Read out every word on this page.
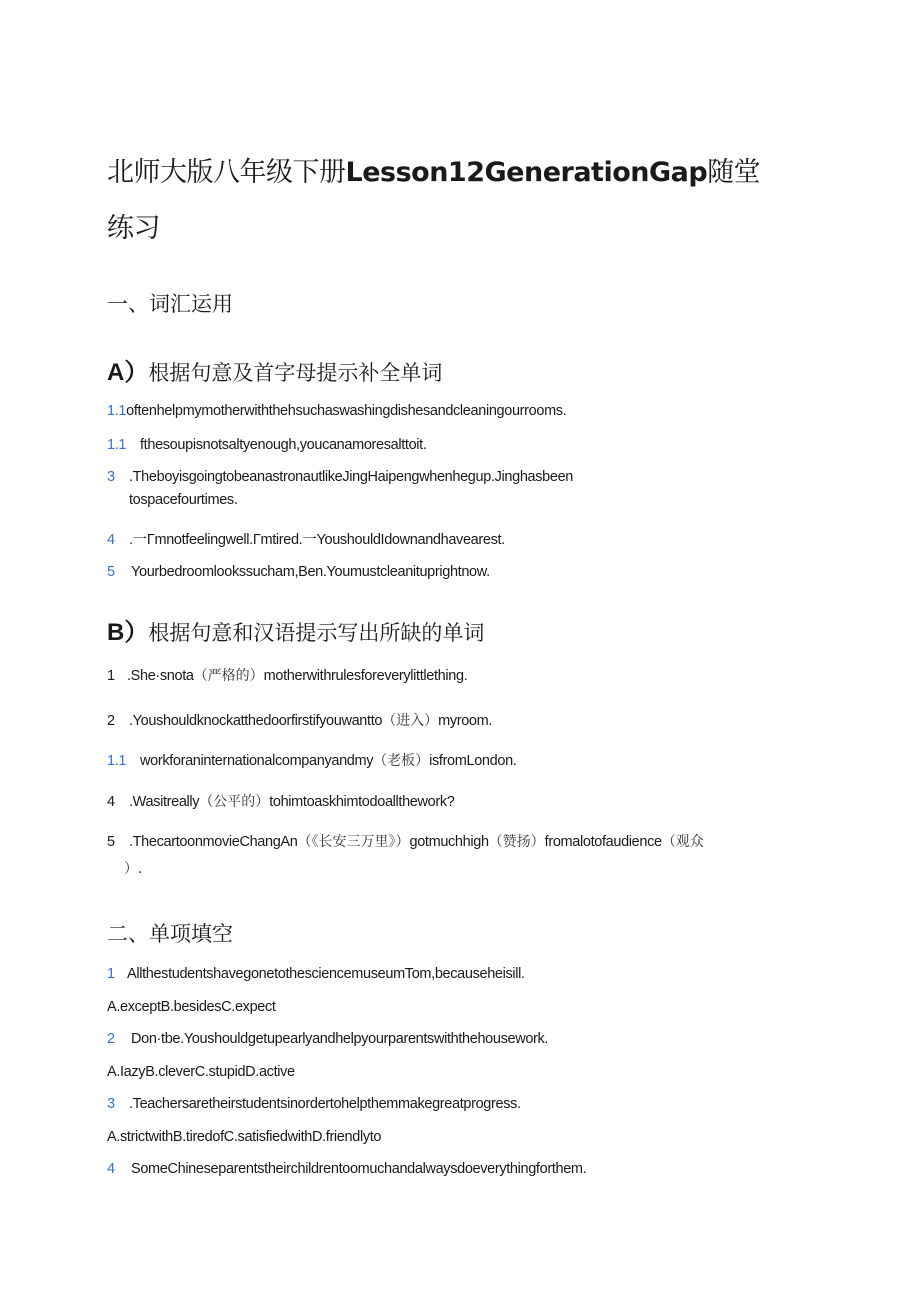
北师大版八年级下册Lesson12GenerationGap随堂
练习
一、词汇运用
A）根据句意及首字母提示补全单词
1.1oftenhelpmymotherwiththehsuchaswashingdishesandcleaningourrooms.
1.1 fthesoupisnotsaltyenough,youcanamoresalttoit.
3 .TheboyisgoingtobeanastronautlikeJingHaipengwhenhegup.Jinghasbeen
tospacefourtimes.
4 .一Γmnotfeelingwell.Γmtired.一YoushouldIdownandhavearest.
5 Yourbedroomlookssucham,Ben.Youmustcleanituprightnow.
B）根据句意和汉语提示写出所缺的单词
1 .She·snota（严格的）motherwithrulesforeverylittlething.
2 .Youshouldknockatthedoorfirstifyouwantto（进入）myroom.
1.1 workforaninternationalcompanyandmy（老板）isfromLondon.
4 .Wasitreally（公平的）tohimtoaskhimtodoallthework?
5 .ThecartoonmovieChangAn（《长安三万里》）gotmuchhigh（赞扬）fromalotofaudience（观众
）.
二、单项填空
1 AllthestudentshavegonetothesciencemuseumTom,becauseheisill.
A.exceptB.besidesC.expect
2 Don·tbe.Youshouldgetupearlyandhelpyourparentswiththehousework.
A.IazyB.cleverC.stupidD.active
3 .Teachersaretheirstudentsinordertohelpthemmakegreatprogress.
A.strictwithB.tiredofC.satisfiedwithD.friendlyto
4 SomeChineseparentstheirchildrentoomuchandalwaysdoeverythingforthem.
